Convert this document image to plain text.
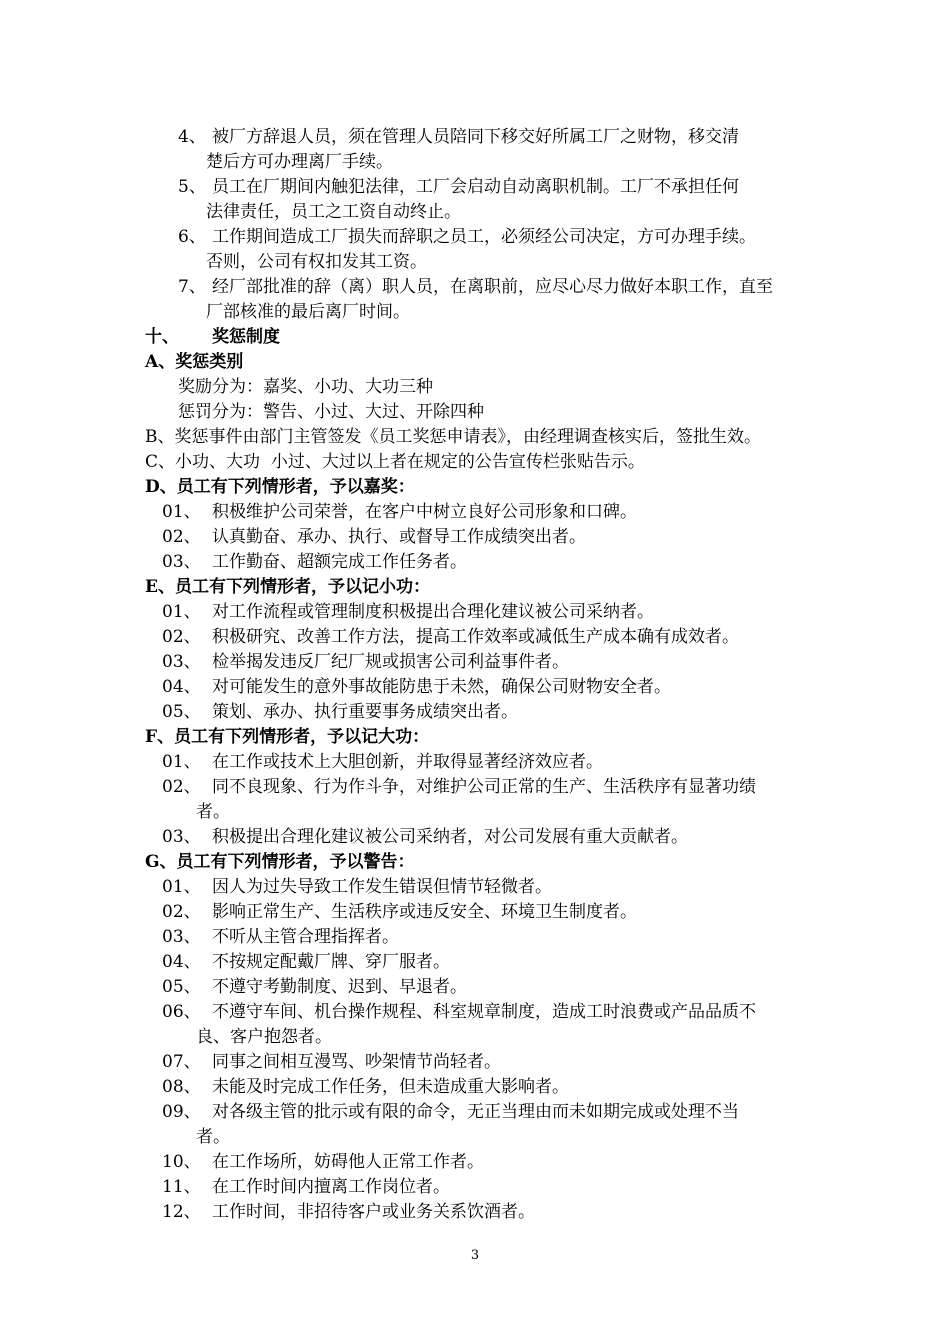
4、 被厂方辞退人员，须在管理人员陪同下移交好所属工厂之财物，移交清
楚后方可办理离厂手续。
5、 员工在厂期间内触犯法律，工厂会启动自动离职机制。工厂不承担任何
法律责任，员工之工资自动终止。
6、 工作期间造成工厂损失而辞职之员工，必须经公司决定，方可办理手续。
否则，公司有权扣发其工资。
7、 经厂部批准的辞（离）职人员，在离职前，应尽心尽力做好本职工作，直至
厂部核准的最后离厂时间。
十、 奖惩制度
A、奖惩类别
奖励分为：嘉奖、小功、大功三种
惩罚分为：警告、小过、大过、开除四种
B、奖惩事件由部门主管签发《员工奖惩申请表》，由经理调查核实后，签批生效。
C、小功、大功  小过、大过以上者在规定的公告宣传栏张贴告示。
D、员工有下列情形者，予以嘉奖：
01、 积极维护公司荣誉，在客户中树立良好公司形象和口碑。
02、 认真勤奋、承办、执行、或督导工作成绩突出者。
03、 工作勤奋、超额完成工作任务者。
E、员工有下列情形者，予以记小功：
01、 对工作流程或管理制度积极提出合理化建议被公司采纳者。
02、 积极研究、改善工作方法，提高工作效率或减低生产成本确有成效者。
03、 检举揭发违反厂纪厂规或损害公司利益事件者。
04、 对可能发生的意外事故能防患于未然，确保公司财物安全者。
05、 策划、承办、执行重要事务成绩突出者。
F、员工有下列情形者，予以记大功：
01、 在工作或技术上大胆创新，并取得显著经济效应者。
02、 同不良现象、行为作斗争，对维护公司正常的生产、生活秩序有显著功绩
者。
03、 积极提出合理化建议被公司采纳者，对公司发展有重大贡献者。
G、员工有下列情形者，予以警告：
01、 因人为过失导致工作发生错误但情节轻微者。
02、 影响正常生产、生活秩序或违反安全、环境卫生制度者。
03、 不听从主管合理指挥者。
04、 不按规定配戴厂牌、穿厂服者。
05、 不遵守考勤制度、迟到、早退者。
06、 不遵守车间、机台操作规程、科室规章制度，造成工时浪费或产品品质不
良、客户抱怨者。
07、 同事之间相互漫骂、吵架情节尚轻者。
08、 未能及时完成工作任务，但未造成重大影响者。
09、 对各级主管的批示或有限的命令，无正当理由而未如期完成或处理不当
者。
10、 在工作场所，妨碍他人正常工作者。
11、 在工作时间内擅离工作岗位者。
12、 工作时间，非招待客户或业务关系饮酒者。
3
